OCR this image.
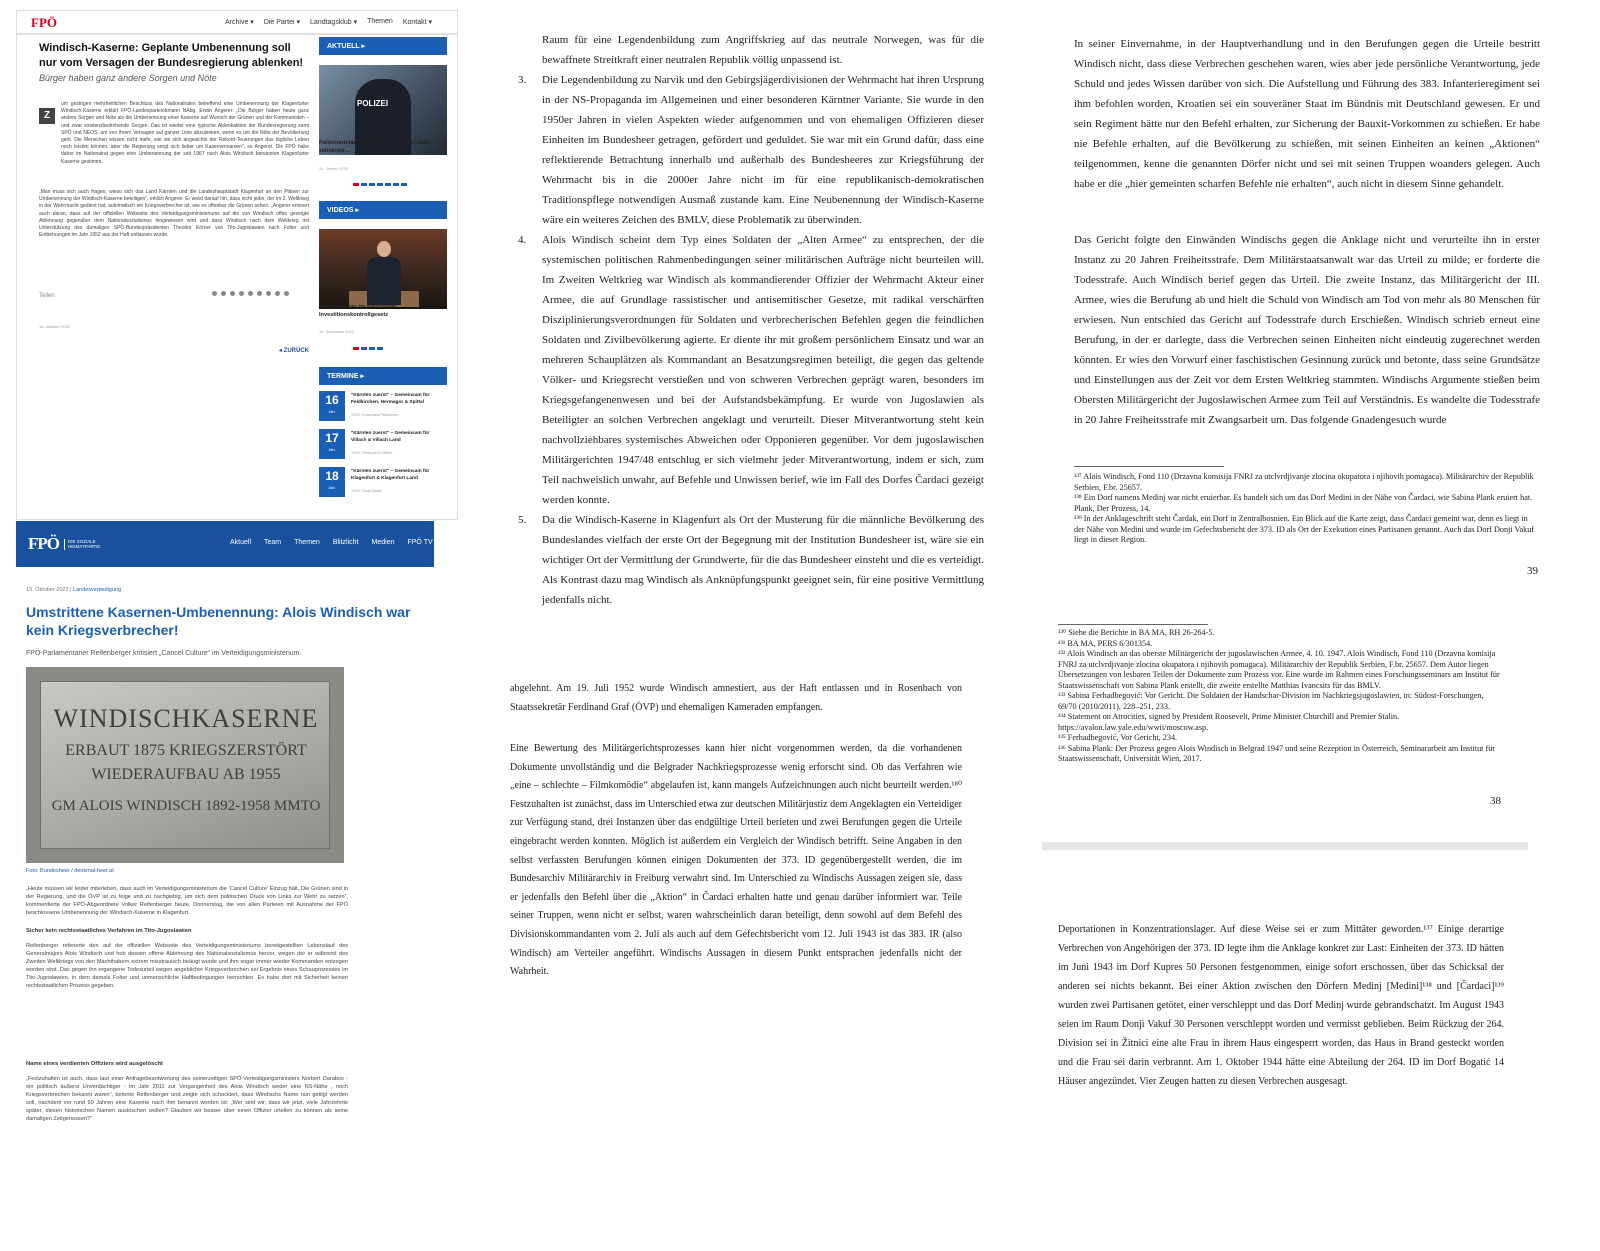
FPÖ	Archive ▾ Die Partei ▾ Landtagsklub ▾ Themen Kontakt ▾
Windisch-Kaserne: Geplante Umbenennung soll nur vom Versagen der Bundesregierung ablenken!
Bürger haben ganz andere Sorgen und Nöte
Z
um gestrigen mehrheitlichen Beschluss des Nationalrates betreffend eine Umbenennung der Klagenfurter Windisch-Kaserne erklärt FPÖ-Landesparteiobmann NAbg. Erwin Angerer: „Die Bürger haben heute ganz andere Sorgen und Nöte als die Umbenennung einer Kaserne auf Wunsch der Grünen und der Kommunisten – und zwar existenzbedrohende Sorgen. Das ist wieder eine typische Ablenkaktion der Bundesregierung samt SPÖ und NEOS, um von ihrem Versagen auf ganzer Linie abzulenken, wenn es um die Nöte der Bevölkerung geht. Die Menschen wissen nicht mehr, wie sie sich angesichts der Rekord-Teuerungen das tägliche Leben noch leisten können, aber die Regierung sorgt sich lieber um Kasernennamen“, so Angerer. Die FPÖ habe daher im Nationalrat gegen eine Umbenennung der seit 1967 nach Alois Windisch benannten Klagenfurter Kaserne gestimmt.
„Man muss sich auch fragen, wieso sich das Land Kärnten und die Landeshauptstadt Klagenfurt an den Plänen zur Umbenennung der Windisch-Kaserne beteiligen“, erklärt Angerer. Er weist darauf hin, dass nicht jeder, der im 2. Weltkrieg in der Wehrmacht gedient hat, automatisch ein Kriegsverbrecher ist, wie es offenbar die Grünen sehen. „Angerer erinnert auch daran, dass auf der offiziellen Webseite des Verteidigungsministeriums auf die von Windisch offen gezeigte Ablehnung gegenüber dem Nationalsozialismus hingewiesen wird und dass Windisch nach dem Weltkrieg mit Unterstützung des damaligen SPÖ-Bundespräsidenten Theodor Körner von Tito-Jugoslawien nach Folter und Entbehrungen im Jahr 1952 aus der Haft entlassen wurde.
Teilen
14. Oktober 2022
◂ ZURÜCK
AKTUELL ▸
POLIZEI
Polizeinotstand: Wir brauchen Taten statt zahnloser...
20. Jänner 2023
VIDEOS ▸
Erwin Angerer im Nationalrat: Investitionskontrollgesetz
14. Dezember 2022
TERMINE ▸
16
Jän.
"Kärnten zuerst" – Gemeinsam für Feldkirchen, Hermagor & Spittal
19:00 | Kulturhaus Feldkirchen
17
Jän.
"Kärnten zuerst" – Gemeinsam für Villach & Villach Land
19:00 | Parkhotel in Villach
18
Jän.
"Kärnten zuerst" – Gemeinsam für Klagenfurt & Klagenfurt Land
19:00 | Hotel Kaiser
FPÖ	DIE SOZIALE HEIMATPARTEI
Aktuell Team Themen Blitzlicht Medien FPÖ TV
13. Oktober 2022 | Landesverteidigung
Umstrittene Kasernen-Umbenennung: Alois Windisch war kein Kriegsverbrecher!
FPÖ-Parlamentarier Reifenberger kritisiert „Cancel Culture“ im Verteidigungsministerium.
WINDISCHKASERNE
ERBAUT 1875 KRIEGSZERSTÖRT
WIEDERAUFBAU AB 1955
GM ALOIS WINDISCH 1892-1958 MMTO
Foto: Bundesheer / denkmal-heer.at
„Heute müssen wir leider miterleben, dass auch im Verteidigungsministerium die ‘Cancel Culture’ Einzug hält. Die Grünen sind in der Regierung, und die ÖVP ist zu feige und zu nachgiebig, um sich dem politischen Druck von Links zur Wehr zu setzen“, kommentierte der FPÖ-Abgeordnete Volker Reifenberger heute, Donnerstag, die von allen Parteien mit Ausnahme der FPÖ beschlossene Umbenennung der Windisch-Kaserne in Klagenfurt.
Sicher kein rechtsstaatliches Verfahren im Tito-Jugoslawien
Reifenberger referierte den auf der offiziellen Webseite des Verteidigungsministeriums bereitgestellten Lebenslauf des Generalmajors Alois Windisch und hob dessen offene Ablehnung des Nationalsozialismus hervor, wegen der er während des Zweiten Weltkriegs von den Machthabern extrem misstrauisch beäugt wurde und ihm sogar immer wieder Kommanden entzogen worden sind. Das gegen ihn ergangene Todesurteil wegen angeblicher Kriegsverbrechen sei Ergebnis eines Schauprozesses im Tito-Jugoslawien, in dem damals Folter und unmenschliche Haftbedingungen herrschten. Es habe dort mit Sicherheit keinen rechtsstaatlichen Prozess gegeben.
Name eines verdienten Offiziers wird ausgelöscht
„Festzuhalten ist auch, dass laut einer Anfragebeantwortung des seinerzeitigen SPÖ-Verteidigungsministers Norbert Darabos - ein politisch äußerst Unverdächtiger - im Jahr 2011 zur Vergangenheit des Alois Windisch weder eine NS-Nähe , noch Kriegsverbrechen bekannt waren“, betonte Reifenberger und zeigte sich schockiert, dass Windischs Name nun getilgt werden soll, nachdem vor rund 60 Jahren eine Kaserne nach ihm benannt worden ist: „Wer sind wir, dass wir jetzt, viele Jahrzehnte später, diesen historischen Namen auslöschen wollen? Glauben wir besser über einen Offizier urteilen zu können als seine damaligen Zeitgenossen?“
Raum für eine Legendenbildung zum Angriffskrieg auf das neutrale Norwegen, was für die bewaffnete Streitkraft einer neutralen Republik völlig unpassend ist.
3. Die Legendenbildung zu Narvik und den Gebirgsjägerdivisionen der Wehrmacht hat ihren Ursprung in der NS-Propaganda im Allgemeinen und einer besonderen Kärntner Variante. Sie wurde in den 1950er Jahren in vielen Aspekten wieder aufgenommen und von ehemaligen Offizieren dieser Einheiten im Bundesheer getragen, gefördert und geduldet. Sie war mit ein Grund dafür, dass eine reflektierende Betrachtung innerhalb und außerhalb des Bundesheeres zur Kriegsführung der Wehrmacht bis in die 2000er Jahre nicht im für eine republikanisch-demokratischen Traditionspflege notwendigen Ausmaß zustande kam. Eine Neubenennung der Windisch-Kaserne wäre ein weiteres Zeichen des BMLV, diese Problematik zu überwinden.
4. Alois Windisch scheint dem Typ eines Soldaten der „Alten Armee“ zu entsprechen, der die systemischen politischen Rahmenbedingungen seiner militärischen Aufträge nicht beurteilen will. Im Zweiten Weltkrieg war Windisch als kommandierender Offizier der Wehrmacht Akteur einer Armee, die auf Grundlage rassistischer und antisemitischer Gesetze, mit radikal verschärften Disziplinierungsverordnungen für Soldaten und verbrecherischen Befehlen gegen die feindlichen Soldaten und Zivilbevölkerung agierte. Er diente ihr mit großem persönlichem Einsatz und war an mehreren Schauplätzen als Kommandant an Besatzungsregimen beteiligt, die gegen das geltende Völker- und Kriegsrecht verstießen und von schweren Verbrechen geprägt waren, besonders im Kriegsgefangenenwesen und bei der Aufstandsbekämpfung. Er wurde von Jugoslawien als Beteiligter an solchen Verbrechen angeklagt und verurteilt. Dieser Mitverantwortung steht kein nachvollziehbares systemisches Abweichen oder Opponieren gegenüber. Vor dem jugoslawischen Militärgerichten 1947/48 entschlug er sich vielmehr jeder Mitverantwortung, indem er sich, zum Teil nachweislich unwahr, auf Befehle und Unwissen berief, wie im Fall des Dorfes Čardaci gezeigt werden konnte.
5. Da die Windisch-Kaserne in Klagenfurt als Ort der Musterung für die männliche Bevölkerung des Bundeslandes vielfach der erste Ort der Begegnung mit der Institution Bundesheer ist, wäre sie ein wichtiger Ort der Vermittlung der Grundwerte, für die das Bundesheer einsteht und die es verteidigt. Als Kontrast dazu mag Windisch als Anknüpfungspunkt geeignet sein, für eine positive Vermittlung jedenfalls nicht.
In seiner Einvernahme, in der Hauptverhandlung und in den Berufungen gegen die Urteile bestritt Windisch nicht, dass diese Verbrechen geschehen waren, wies aber jede persönliche Verantwortung, jede Schuld und jedes Wissen darüber von sich. Die Aufstellung und Führung des 383. Infanterieregiment sei ihm befohlen worden, Kroatien sei ein souveräner Staat im Bündnis mit Deutschland gewesen. Er und sein Regiment hätte nur den Befehl erhalten, zur Sicherung der Bauxit-Vorkommen zu schießen. Er habe nie Befehle erhalten, auf die Bevölkerung zu schießen, mit seinen Einheiten an keinen „Aktionen“ teilgenommen, kenne die genannten Dörfer nicht und sei mit seinen Truppen woanders gelegen. Auch habe er die „hier gemeinten scharfen Befehle nie erhalten“, auch nicht in diesem Sinne gehandelt.
Das Gericht folgte den Einwänden Windischs gegen die Anklage nicht und verurteilte ihn in erster Instanz zu 20 Jahren Freiheitsstrafe. Dem Militärstaatsanwalt war das Urteil zu milde; er forderte die Todesstrafe. Auch Windisch berief gegen das Urteil. Die zweite Instanz, das Militärgericht der III. Armee, wies die Berufung ab und hielt die Schuld von Windisch am Tod von mehr als 80 Menschen für erwiesen. Nun entschied das Gericht auf Todesstrafe durch Erschießen. Windisch schrieb erneut eine Berufung, in der er darlegte, dass die Verbrechen seinen Einheiten nicht eindeutig zugerechnet werden könnten. Er wies den Vorwurf einer faschistischen Gesinnung zurück und betonte, dass seine Grundsätze und Einstellungen aus der Zeit vor dem Ersten Weltkrieg stammten. Windischs Argumente stießen beim Obersten Militärgericht der Jugoslawischen Armee zum Teil auf Verständnis. Es wandelte die Todesstrafe in 20 Jahre Freiheitsstrafe mit Zwangsarbeit um. Das folgende Gnadengesuch wurde

¹³⁷ Alois Windisch, Fond 110 (Drzavna komisija FNRJ za utclvrdjivanje zlocina okupatora i njihovih pomagaca). Militärarchiv der Republik Serbien, F.br. 25657.

¹³⁸ Ein Dorf namens Medinj war nicht eruierbar. Es handelt sich um das Dorf Medini in der Nähe von Čardaci, wie Sabina Plank eruiert hat. Plank, Der Prozess, 14.

¹³⁹ In der Anklageschrift steht Čardak, ein Dorf in Zentralbosnien. Ein Blick auf die Karte zeigt, dass Čardaci gemeint war, denn es liegt in der Nähe von Medini und wurde im Gefechtsbericht der 373. ID als Ort der Exekution eines Partisanen genannt. Auch das Dorf Donji Vakuf liegt in dieser Region.

39

¹³⁰ Siehe die Berichte in BA MA, RH 26-264-5.

¹³¹ BA MA, PERS 6/301354.

¹³² Alois Windisch an das oberste Militärgericht der jugoslawischen Armee, 4. 10. 1947. Alois Windisch, Fond 110 (Drzavna komisija FNRJ za utclvrdjivanje zlocina okupatora i njihovih pomagaca). Militärarchiv der Republik Serbien, F.br. 25657. Dem Autor liegen Übersetzungen von lesbaren Teilen der Dokumente zum Prozess vor. Eine wurde im Rahmen eines Forschungsseminars am Institut für Staatswissenschaft von Sabina Plank erstellt, die zweite erstellte Matthias Ivancsits für das BMLV.

¹³³ Sabina Ferhadbegović: Vor Gericht. Die Soldaten der Handschar-Division im Nachkriegsjugoslawien, in: Südost-Forschungen, 69/70 (2010/2011), 228–251, 233.

¹³⁴ Statement on Atrocities, signed by President Roosevelt, Prime Minister Churchill and Premier Stalin. https://avalon.law.yale.edu/wwii/moscow.asp.

¹³⁵ Ferhadbegović, Vor Gericht, 234.

¹³⁶ Sabina Plank: Der Prozess gegen Alois Windisch in Belgrad 1947 und seine Rezeption in Österreich, Seminararbeit am Institut für Staatswissenschaft, Universität Wien, 2017.

38
abgelehnt. Am 19. Juli 1952 wurde Windisch amnestiert, aus der Haft entlassen und in Rosenbach von Staatssekretär Ferdinand Graf (ÖVP) und ehemaligen Kameraden empfangen.
Eine Bewertung des Militärgerichtsprozesses kann hier nicht vorgenommen werden, da die vorhandenen Dokumente unvollständig und die Belgrader Nachkriegsprozesse wenig erforscht sind. Ob das Verfahren wie „eine – schlechte – Filmkomödie“ abgelaufen ist, kann mangels Aufzeichnungen auch nicht beurteilt werden.¹⁸⁰ Festzuhalten ist zunächst, dass im Unterschied etwa zur deutschen Militärjustiz dem Angeklagten ein Verteidiger zur Verfügung stand, drei Instanzen über das endgültige Urteil berieten und zwei Berufungen gegen die Urteile eingebracht werden konnten. Möglich ist außerdem ein Vergleich der Windisch betrifft. Seine Angaben in den selbst verfassten Berufungen können einigen Dokumenten der 373. ID gegenübergestellt werden, die im Bundesarchiv Militärarchiv in Freiburg verwahrt sind. Im Unterschied zu Windischs Aussagen zeigen sie, dass er jedenfalls den Befehl über die „Aktion“ in Čardaci erhalten hatte und genau darüber informiert war. Teile seiner Truppen, wenn nicht er selbst, waren wahrscheinlich daran beteiligt, denn sowohl auf dem Befehl des Divisionskommandanten vom 2. Juli als auch auf dem Gefechtsbericht vom 12. Juli 1943 ist das 383. IR (also Windisch) am Verteiler angeführt. Windischs Aussagen in diesem Punkt entsprachen jedenfalls nicht der Wahrheit.
Deportationen in Konzentrationslager. Auf diese Weise sei er zum Mittäter geworden.¹³⁷ Einige derartige Verbrechen von Angehörigen der 373. ID legte ihm die Anklage konkret zur Last: Einheiten der 373. ID hätten im Juni 1943 im Dorf Kupres 50 Personen festgenommen, einige sofort erschossen, über das Schicksal der anderen sei nichts bekannt. Bei einer Aktion zwischen den Dörfern Medinj [Medini]¹³⁸ und [Čardaci]¹³⁹ wurden zwei Partisanen getötet, einer verschleppt und das Dorf Medinj wurde gebrandschatzt. Im August 1943 seien im Raum Donji Vakuf 30 Personen verschleppt worden und vermisst geblieben. Beim Rückzug der 264. Division sei in Žitnici eine alte Frau in ihrem Haus eingesperrt worden, das Haus in Brand gesteckt worden und die Frau sei darin verbrannt. Am 1. Oktober 1944 hätte eine Abteilung der 264. ID im Dorf Bogatić 14 Häuser angezündet. Vier Zeugen hatten zu diesen Verbrechen ausgesagt.
